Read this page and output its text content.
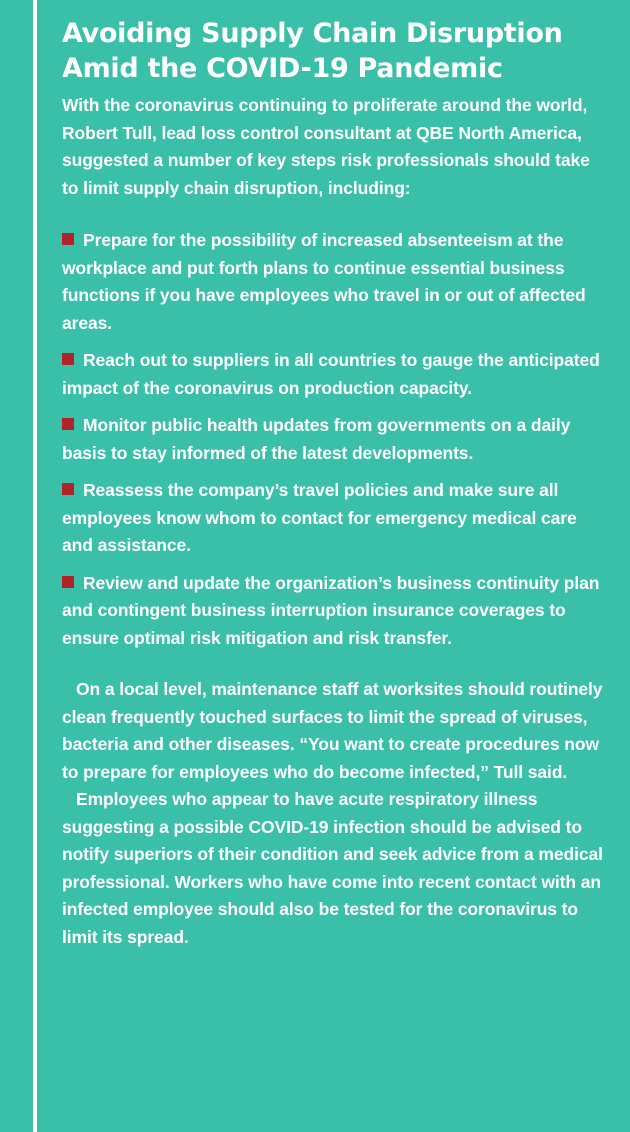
Avoiding Supply Chain Disruption
Amid the COVID-19 Pandemic

With the coronavirus continuing to proliferate around the world, Robert Tull, lead loss control consultant at QBE North America, suggested a number of key steps risk professionals should take to limit supply chain disruption, including:

Prepare for the possibility of increased absenteeism at the workplace and put forth plans to continue essential business functions if you have employees who travel in or out of affected areas.
Reach out to suppliers in all countries to gauge the anticipated impact of the coronavirus on production capacity.
Monitor public health updates from governments on a daily basis to stay informed of the latest developments.
Reassess the company’s travel policies and make sure all employees know whom to contact for emergency medical care and assistance.
Review and update the organization’s business continuity plan and contingent business interruption insurance coverages to ensure optimal risk mitigation and risk transfer.

On a local level, maintenance staff at worksites should routinely clean frequently touched surfaces to limit the spread of viruses, bacteria and other diseases. “You want to create procedures now to prepare for employees who do become infected,” Tull said.

Employees who appear to have acute respiratory illness suggesting a possible COVID-19 infection should be advised to notify superiors of their condition and seek advice from a medical professional. Workers who have come into recent contact with an infected employee should also be tested for the coronavirus to limit its spread.
